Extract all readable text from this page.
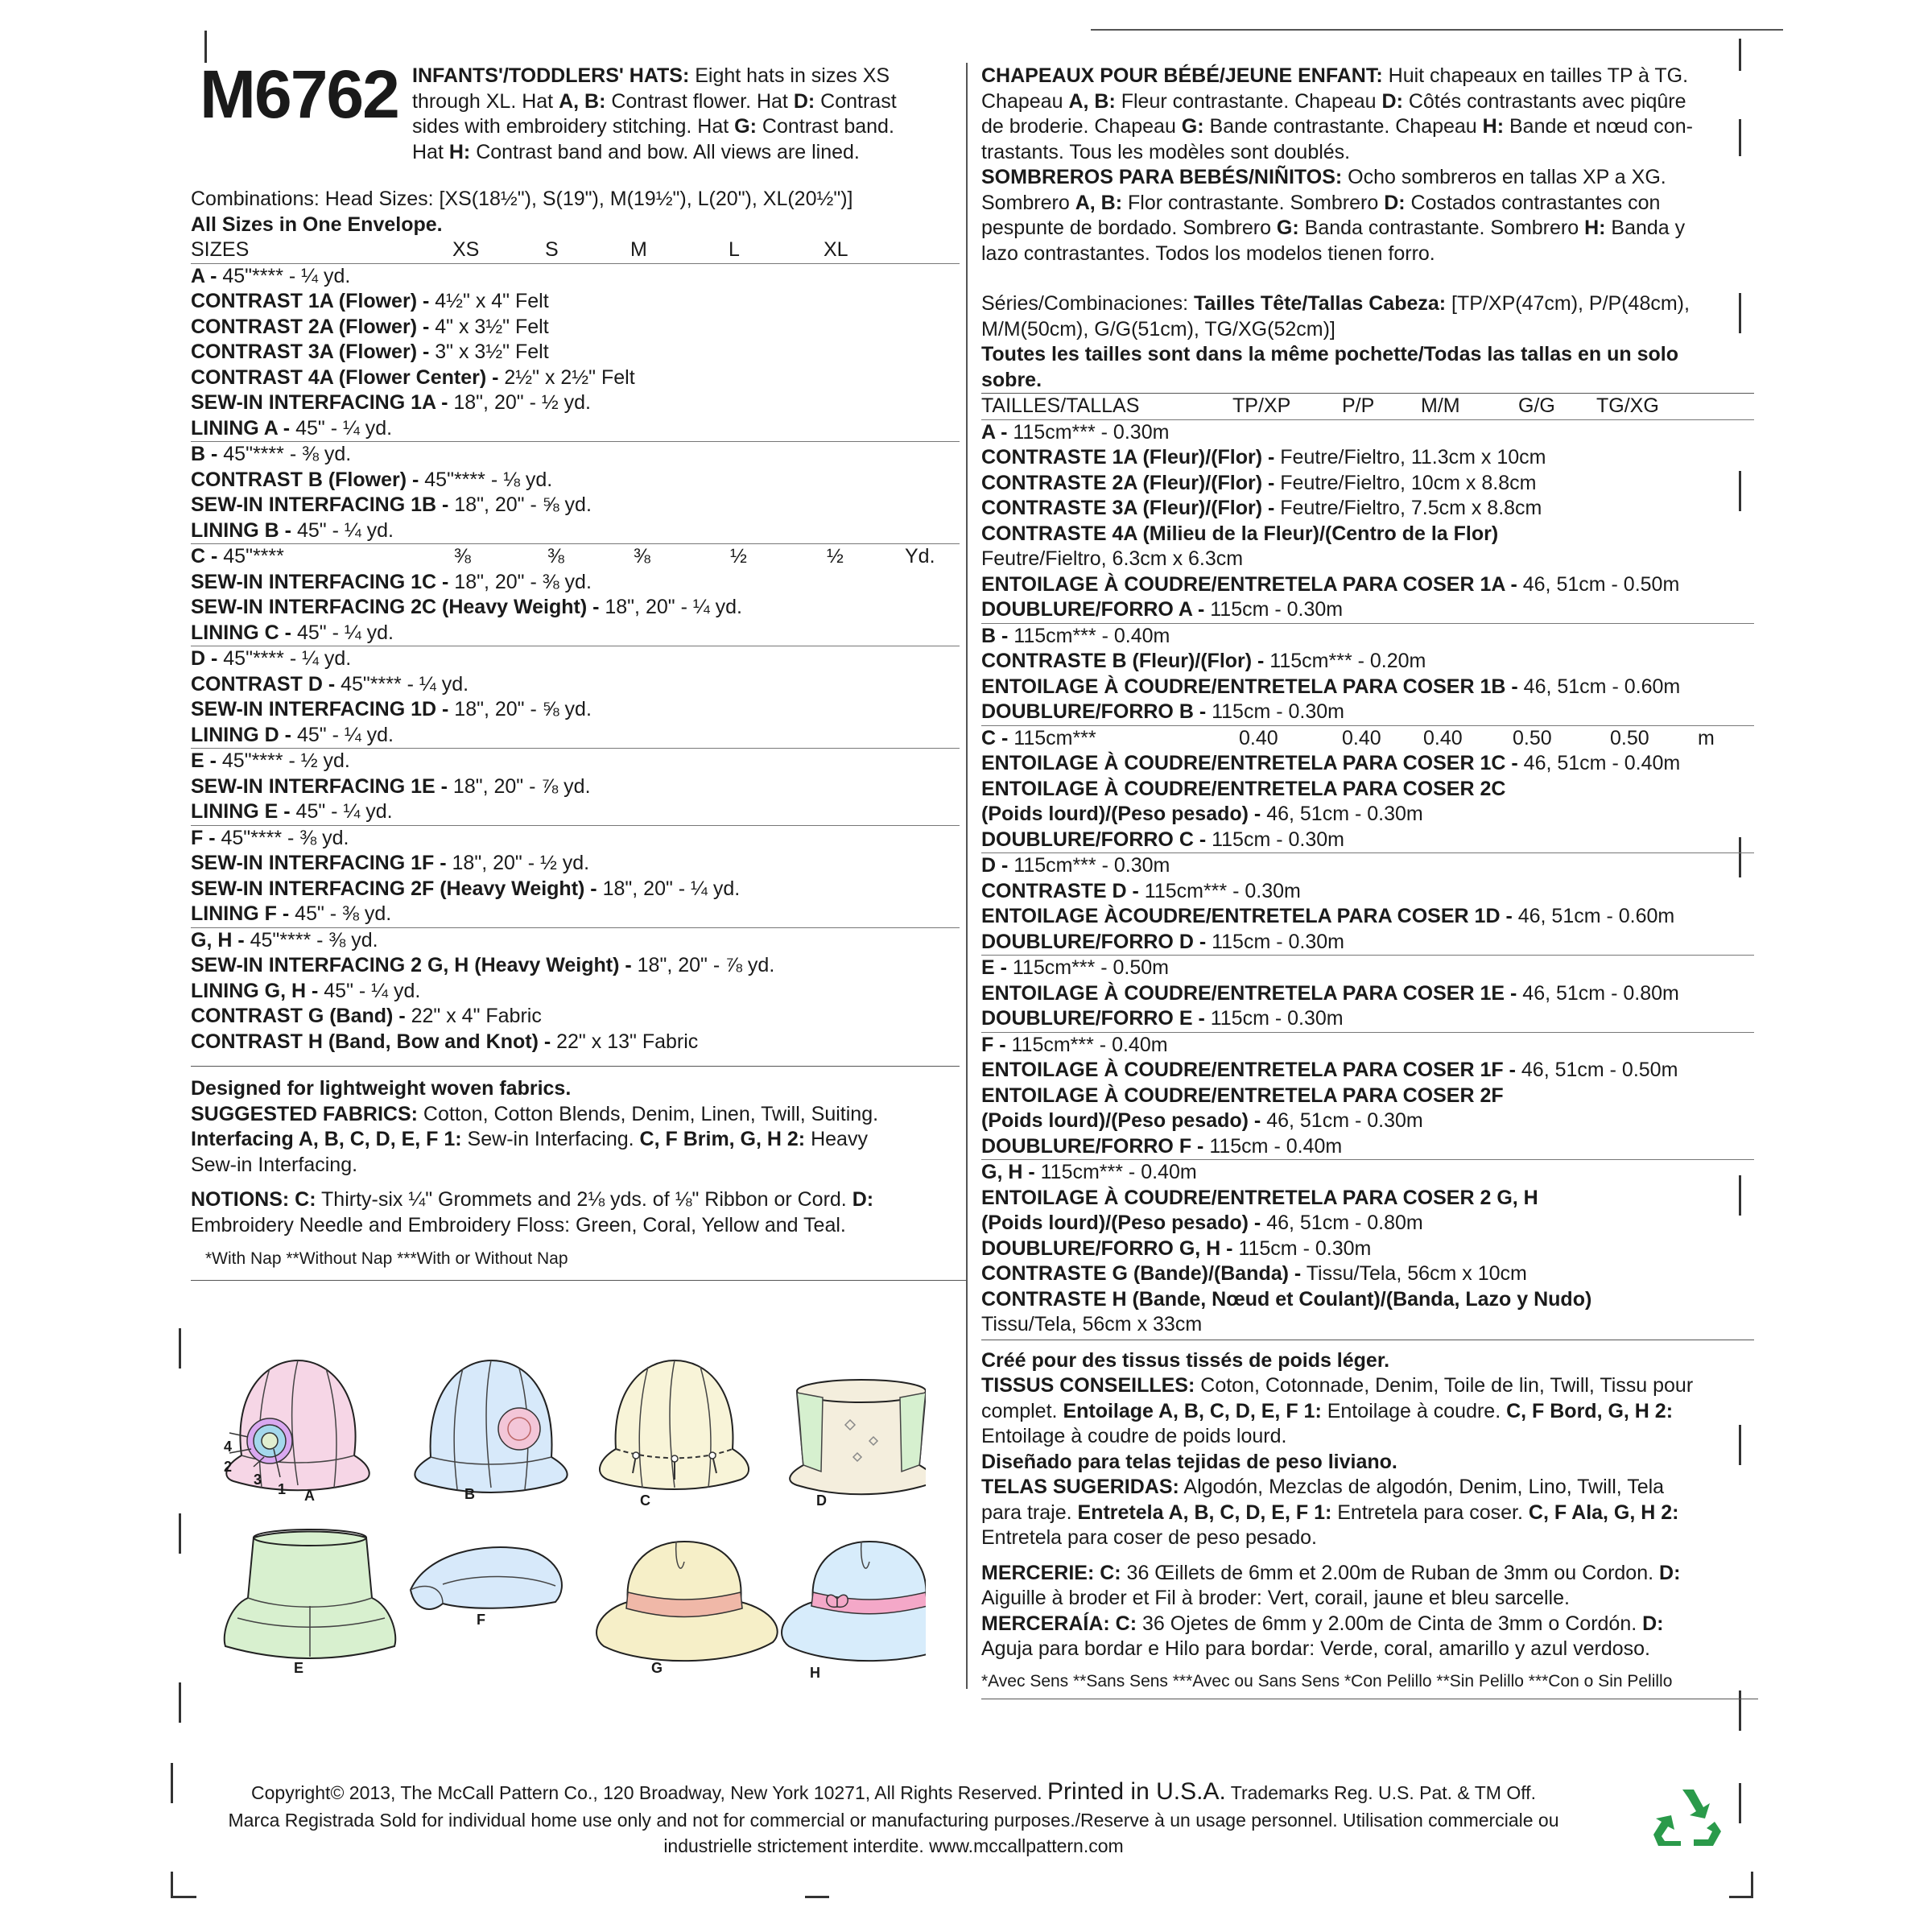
M6762 INFANTS'/TODDLERS' HATS: Eight hats in sizes XS
through XL. Hat A, B: Contrast flower. Hat D: Contrast
sides with embroidery stitching. Hat G: Contrast band.
Hat H: Contrast band and bow. All views are lined.
Combinations: Head Sizes: [XS(18½"), S(19"), M(19½"), L(20"), XL(20½")]
All Sizes in One Envelope.
SIZES	XS	S	M	L	XL
A - 45"**** - ¼ yd.
CONTRAST 1A (Flower) - 4½" x 4" Felt
CONTRAST 2A (Flower) - 4" x 3½" Felt
CONTRAST 3A (Flower) - 3" x 3½" Felt
CONTRAST 4A (Flower Center) - 2½" x 2½" Felt
SEW-IN INTERFACING 1A - 18", 20" - ½ yd.
LINING A - 45" - ¼ yd.
B - 45"**** - ⅜ yd.
CONTRAST B (Flower) - 45"**** - ⅛ yd.
SEW-IN INTERFACING 1B - 18", 20" - ⅝ yd.
LINING B - 45" - ¼ yd.
C - 45"****	⅜	⅜	⅜	½	½	Yd.
SEW-IN INTERFACING 1C - 18", 20" - ⅜ yd.
SEW-IN INTERFACING 2C (Heavy Weight) - 18", 20" - ¼ yd.
LINING C - 45" - ¼ yd.
D - 45"**** - ¼ yd.
CONTRAST D - 45"**** - ¼ yd.
SEW-IN INTERFACING 1D - 18", 20" - ⅝ yd.
LINING D - 45" - ¼ yd.
E - 45"**** - ½ yd.
SEW-IN INTERFACING 1E - 18", 20" - ⅞ yd.
LINING E - 45" - ¼ yd.
F - 45"**** - ⅜ yd.
SEW-IN INTERFACING 1F - 18", 20" - ½ yd.
SEW-IN INTERFACING 2F (Heavy Weight) - 18", 20" - ¼ yd.
LINING F - 45" - ⅜ yd.
G, H - 45"**** - ⅜ yd.
SEW-IN INTERFACING 2 G, H (Heavy Weight) - 18", 20" - ⅞ yd.
LINING G, H - 45" - ¼ yd.
CONTRAST G (Band) - 22" x 4" Fabric
CONTRAST H (Band, Bow and Knot) - 22" x 13" Fabric
Designed for lightweight woven fabrics.
SUGGESTED FABRICS: Cotton, Cotton Blends, Denim, Linen, Twill, Suiting.
Interfacing A, B, C, D, E, F 1: Sew-in Interfacing. C, F Brim, G, H 2: Heavy
Sew-in Interfacing.
NOTIONS: C: Thirty-six ¼" Grommets and 2⅛ yds. of ⅛" Ribbon or Cord. D:
Embroidery Needle and Embroidery Floss: Green, Coral, Yellow and Teal.
*With Nap **Without Nap ***With or Without Nap
CHAPEAUX POUR BÉBÉ/JEUNE ENFANT: Huit chapeaux en tailles TP à TG.
Chapeau A, B: Fleur contrastante. Chapeau D: Côtés contrastants avec piqûre
de broderie. Chapeau G: Bande contrastante. Chapeau H: Bande et nœud con-
trastants. Tous les modèles sont doublés.
SOMBREROS PARA BEBÉS/NIÑITOS: Ocho sombreros en tallas XP a XG.
Sombrero A, B: Flor contrastante. Sombrero D: Costados contrastantes con
pespunte de bordado. Sombrero G: Banda contrastante. Sombrero H: Banda y
lazo contrastantes. Todos los modelos tienen forro.
Séries/Combinaciones: Tailles Tête/Tallas Cabeza: [TP/XP(47cm), P/P(48cm),
M/M(50cm), G/G(51cm), TG/XG(52cm)]
Toutes les tailles sont dans la même pochette/Todas las tallas en un solo
sobre.
TAILLES/TALLAS	TP/XP	P/P M/M	G/G TG/XG
A - 115cm*** - 0.30m
CONTRASTE 1A (Fleur)/(Flor) - Feutre/Fieltro, 11.3cm x 10cm
CONTRASTE 2A (Fleur)/(Flor) - Feutre/Fieltro, 10cm x 8.8cm
CONTRASTE 3A (Fleur)/(Flor) - Feutre/Fieltro, 7.5cm x 8.8cm
CONTRASTE 4A (Milieu de la Fleur)/(Centro de la Flor)
Feutre/Fieltro, 6.3cm x 6.3cm
ENTOILAGE À COUDRE/ENTRETELA PARA COSER 1A - 46, 51cm - 0.50m
DOUBLURE/FORRO A - 115cm - 0.30m
B - 115cm*** - 0.40m
CONTRASTE B (Fleur)/(Flor) - 115cm*** - 0.20m
ENTOILAGE À COUDRE/ENTRETELA PARA COSER 1B - 46, 51cm - 0.60m
DOUBLURE/FORRO B - 115cm - 0.30m
C - 115cm***	0.40	0.40 0.40 0.50	0.50 m
ENTOILAGE À COUDRE/ENTRETELA PARA COSER 1C - 46, 51cm - 0.40m
ENTOILAGE À COUDRE/ENTRETELA PARA COSER 2C
(Poids lourd)/(Peso pesado) - 46, 51cm - 0.30m
DOUBLURE/FORRO C - 115cm - 0.30m
D - 115cm*** - 0.30m
CONTRASTE D - 115cm*** - 0.30m
ENTOILAGE ÀCOUDRE/ENTRETELA PARA COSER 1D - 46, 51cm - 0.60m
DOUBLURE/FORRO D - 115cm - 0.30m
E - 115cm*** - 0.50m
ENTOILAGE À COUDRE/ENTRETELA PARA COSER 1E - 46, 51cm - 0.80m
DOUBLURE/FORRO E - 115cm - 0.30m
F - 115cm*** - 0.40m
ENTOILAGE À COUDRE/ENTRETELA PARA COSER 1F - 46, 51cm - 0.50m
ENTOILAGE À COUDRE/ENTRETELA PARA COSER 2F
(Poids lourd)/(Peso pesado) - 46, 51cm - 0.30m
DOUBLURE/FORRO F - 115cm - 0.40m
G, H - 115cm*** - 0.40m
ENTOILAGE À COUDRE/ENTRETELA PARA COSER 2 G, H
(Poids lourd)/(Peso pesado) - 46, 51cm - 0.80m
DOUBLURE/FORRO G, H - 115cm - 0.30m
CONTRASTE G (Bande)/(Banda) - Tissu/Tela, 56cm x 10cm
CONTRASTE H (Bande, Nœud et Coulant)/(Banda, Lazo y Nudo)
Tissu/Tela, 56cm x 33cm
Créé pour des tissus tissés de poids léger.
TISSUS CONSEILLES: Coton, Cotonnade, Denim, Toile de lin, Twill, Tissu pour
complet. Entoilage A, B, C, D, E, F 1: Entoilage à coudre. C, F Bord, G, H 2:
Entoilage à coudre de poids lourd.
Diseñado para telas tejidas de peso liviano.
TELAS SUGERIDAS: Algodón, Mezclas de algodón, Denim, Lino, Twill, Tela
para traje. Entretela A, B, C, D, E, F 1: Entretela para coser. C, F Ala, G, H 2:
Entretela para coser de peso pesado.
MERCERIE: C: 36 Œillets de 6mm et 2.00m de Ruban de 3mm ou Cordon. D:
Aiguille à broder et Fil à broder: Vert, corail, jaune et bleu sarcelle.
MERCERAÍA: C: 36 Ojetes de 6mm y 2.00m de Cinta de 3mm o Cordón. D:
Aguja para bordar e Hilo para bordar: Verde, coral, amarillo y azul verdoso.
*Avec Sens **Sans Sens ***Avec ou Sans Sens *Con Pelillo **Sin Pelillo ***Con o Sin Pelillo
4
2
3
1 A	B	C	D
E
F
G	H
Copyright© 2013, The McCall Pattern Co., 120 Broadway, New York 10271, All Rights Reserved. Printed in U.S.A. Trademarks Reg. U.S. Pat. & TM Off.
Marca Registrada Sold for individual home use only and not for commercial or manufacturing purposes./Reserve à un usage personnel. Utilisation commerciale ou
industrielle strictement interdite. www.mccallpattern.com
